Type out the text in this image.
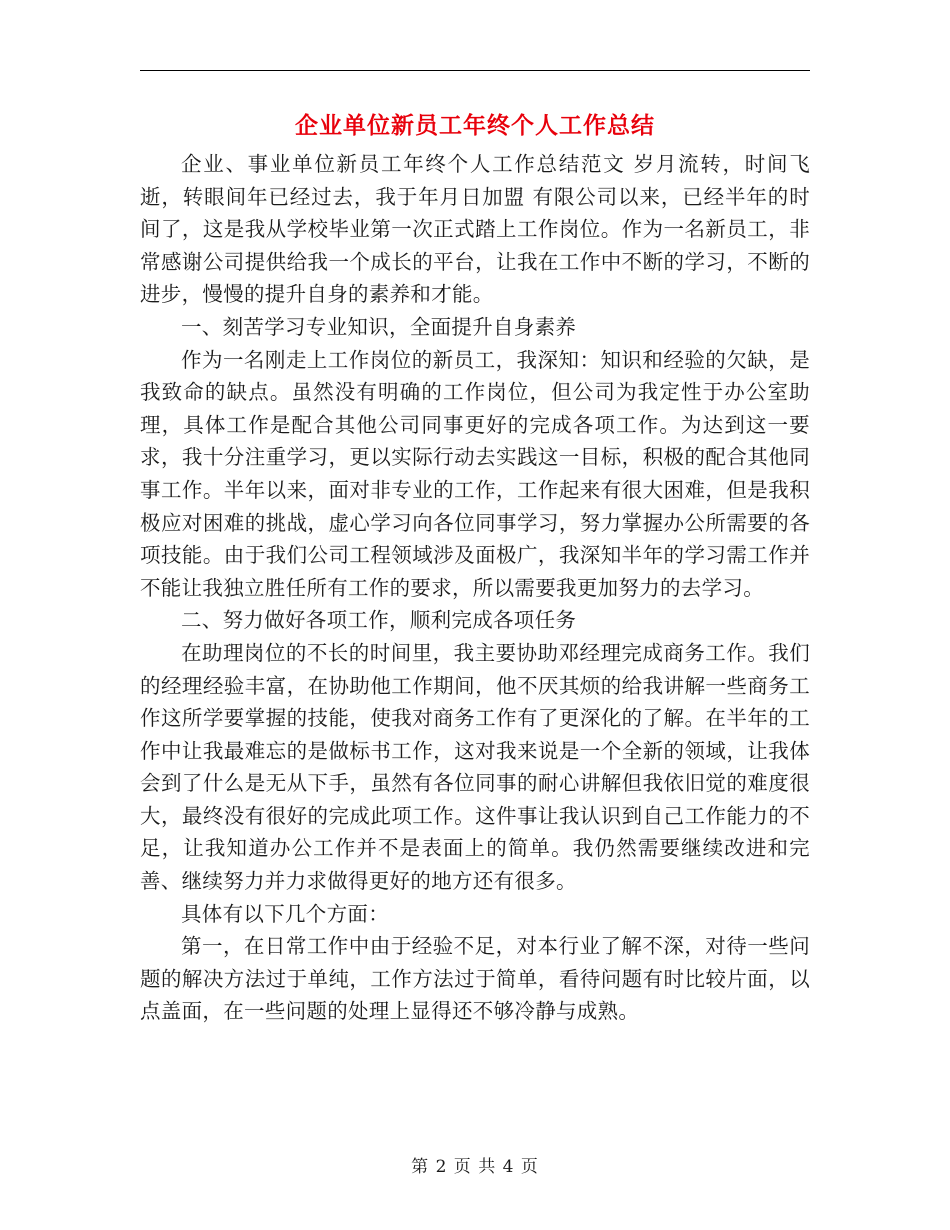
企业单位新员工年终个人工作总结

企业、事业单位新员工年终个人工作总结范文 岁月流转，时间飞逝，转眼间年已经过去，我于年月日加盟 有限公司以来，已经半年的时间了，这是我从学校毕业第一次正式踏上工作岗位。作为一名新员工，非常感谢公司提供给我一个成长的平台，让我在工作中不断的学习，不断的进步，慢慢的提升自身的素养和才能。

一、刻苦学习专业知识，全面提升自身素养

作为一名刚走上工作岗位的新员工，我深知：知识和经验的欠缺，是我致命的缺点。虽然没有明确的工作岗位，但公司为我定性于办公室助理，具体工作是配合其他公司同事更好的完成各项工作。为达到这一要求，我十分注重学习，更以实际行动去实践这一目标，积极的配合其他同事工作。半年以来，面对非专业的工作，工作起来有很大困难，但是我积极应对困难的挑战，虚心学习向各位同事学习，努力掌握办公所需要的各项技能。由于我们公司工程领域涉及面极广，我深知半年的学习需工作并不能让我独立胜任所有工作的要求，所以需要我更加努力的去学习。

二、努力做好各项工作，顺利完成各项任务

在助理岗位的不长的时间里，我主要协助邓经理完成商务工作。我们的经理经验丰富，在协助他工作期间，他不厌其烦的给我讲解一些商务工作这所学要掌握的技能，使我对商务工作有了更深化的了解。在半年的工作中让我最难忘的是做标书工作，这对我来说是一个全新的领域，让我体会到了什么是无从下手，虽然有各位同事的耐心讲解但我依旧觉的难度很大，最终没有很好的完成此项工作。这件事让我认识到自己工作能力的不足，让我知道办公工作并不是表面上的简单。我仍然需要继续改进和完善、继续努力并力求做得更好的地方还有很多。

具体有以下几个方面：

第一，在日常工作中由于经验不足，对本行业了解不深，对待一些问题的解决方法过于单纯，工作方法过于简单，看待问题有时比较片面，以点盖面，在一些问题的处理上显得还不够冷静与成熟。

第 2 页 共 4 页
